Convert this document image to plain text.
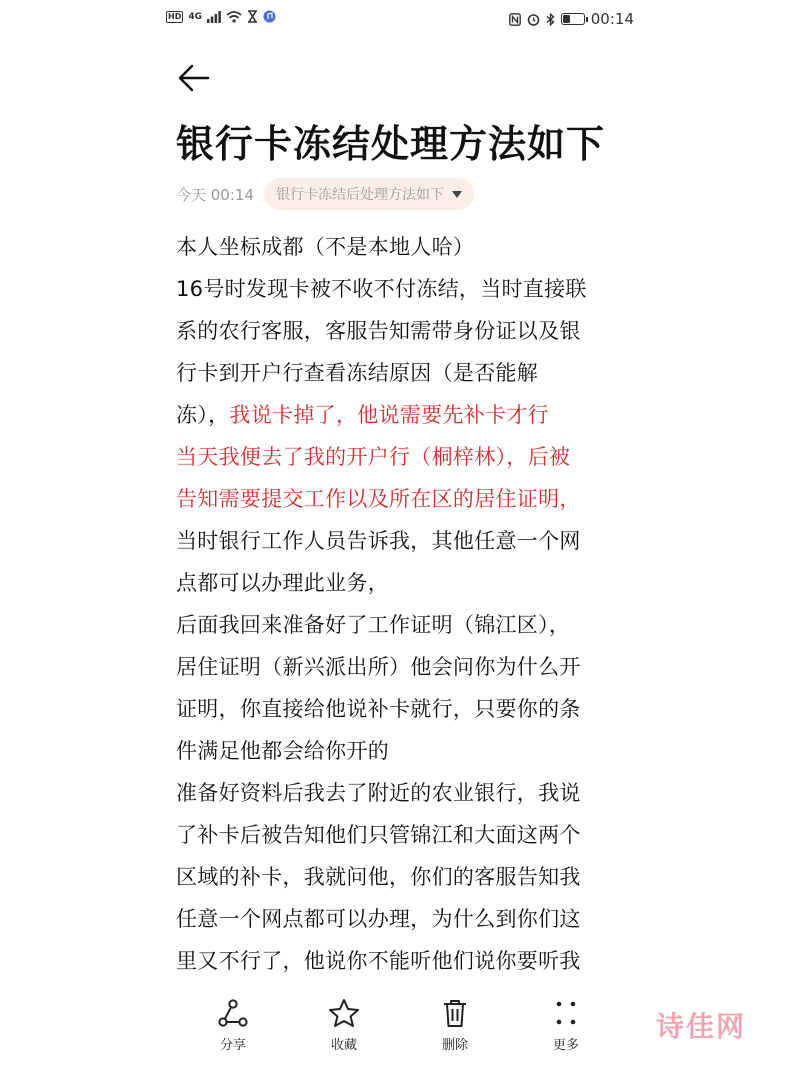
HD 4G	00:14
银行卡冻结处理方法如下
今天 00:14 银行卡冻结后处理方法如下
本人坐标成都（不是本地人哈）
16号时发现卡被不收不付冻结，当时直接联
系的农行客服，客服告知需带身份证以及银
行卡到开户行查看冻结原因（是否能解
冻），我说卡掉了，他说需要先补卡才行
当天我便去了我的开户行（桐梓林），后被
告知需要提交工作以及所在区的居住证明，
当时银行工作人员告诉我，其他任意一个网
点都可以办理此业务，
后面我回来准备好了工作证明（锦江区），
居住证明（新兴派出所）他会问你为什么开
证明，你直接给他说补卡就行，只要你的条
件满足他都会给你开的
准备好资料后我去了附近的农业银行，我说
了补卡后被告知他们只管锦江和大面这两个
区域的补卡，我就问他，你们的客服告知我
任意一个网点都可以办理，为什么到你们这
里又不行了，他说你不能听他们说你要听我
分享	收藏	删除	更多
诗佳网
